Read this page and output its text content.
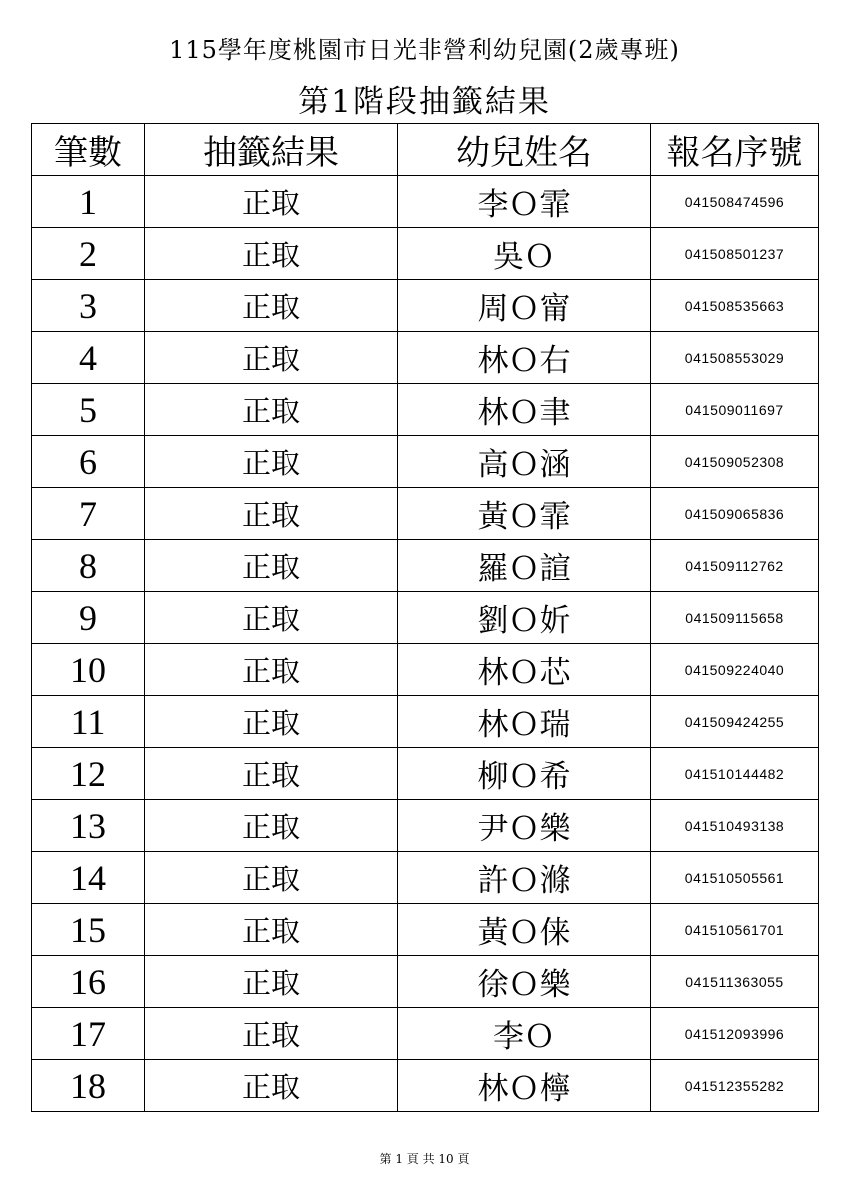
115學年度桃園市日光非營利幼兒園(2歲專班)
第1階段抽籤結果
筆數	抽籤結果	幼兒姓名	報名序號
1	正取	李Ｏ霏	041508474596
2	正取	吳Ｏ	041508501237
3	正取	周Ｏ甯	041508535663
4	正取	林Ｏ右	041508553029
5	正取	林Ｏ聿	041509011697
6	正取	高Ｏ涵	041509052308
7	正取	黃Ｏ霏	041509065836
8	正取	羅Ｏ諠	041509112762
9	正取	劉Ｏ妡	041509115658
10	正取	林Ｏ芯	041509224040
11	正取	林Ｏ瑞	041509424255
12	正取	柳Ｏ希	041510144482
13	正取	尹Ｏ樂	041510493138
14	正取	許Ｏ滌	041510505561
15	正取	黃Ｏ俫	041510561701
16	正取	徐Ｏ樂	041511363055
17	正取	李Ｏ	041512093996
18	正取	林Ｏ檸	041512355282
第 1 頁 共 10 頁
